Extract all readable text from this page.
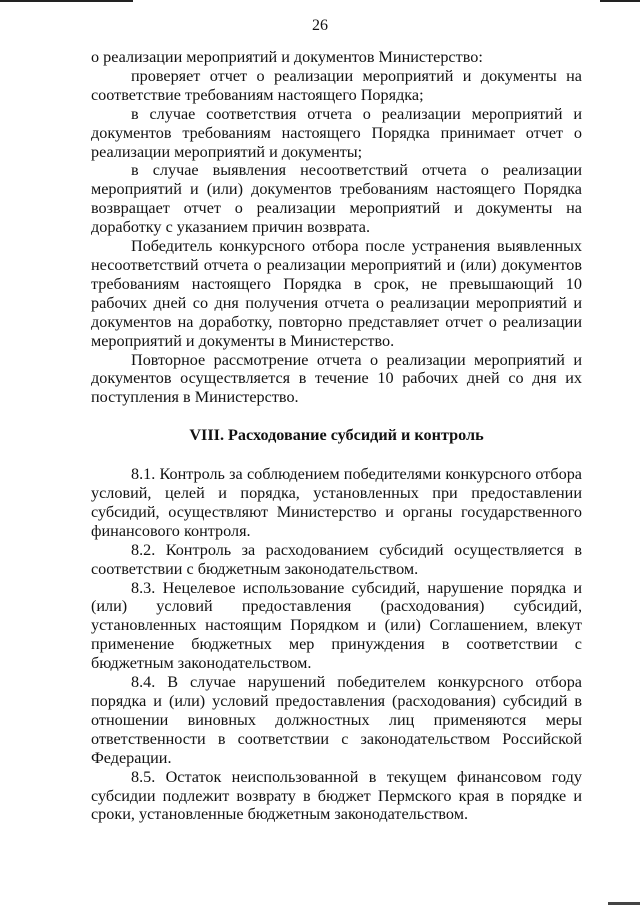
26

о реализации мероприятий и документов Министерство:

проверяет отчет о реализации мероприятий и документы на соответствие требованиям настоящего Порядка;

в случае соответствия отчета о реализации мероприятий и документов требованиям настоящего Порядка принимает отчет о реализации мероприятий и документы;

в случае выявления несоответствий отчета о реализации мероприятий и (или) документов требованиям настоящего Порядка возвращает отчет о реализации мероприятий и документы на доработку с указанием причин возврата.

Победитель конкурсного отбора после устранения выявленных несоответствий отчета о реализации мероприятий и (или) документов требованиям настоящего Порядка в срок, не превышающий 10 рабочих дней со дня получения отчета о реализации мероприятий и документов на доработку, повторно представляет отчет о реализации мероприятий и документы в Министерство.

Повторное рассмотрение отчета о реализации мероприятий и документов осуществляется в течение 10 рабочих дней со дня их поступления в Министерство.

VIII. Расходование субсидий и контроль

8.1. Контроль за соблюдением победителями конкурсного отбора условий, целей и порядка, установленных при предоставлении субсидий, осуществляют Министерство и органы государственного финансового контроля.

8.2. Контроль за расходованием субсидий осуществляется в соответствии с бюджетным законодательством.

8.3. Нецелевое использование субсидий, нарушение порядка и (или) условий предоставления (расходования) субсидий, установленных настоящим Порядком и (или) Соглашением, влекут применение бюджетных мер принуждения в соответствии с бюджетным законодательством.

8.4. В случае нарушений победителем конкурсного отбора порядка и (или) условий предоставления (расходования) субсидий в отношении виновных должностных лиц применяются меры ответственности в соответствии с законодательством Российской Федерации.

8.5. Остаток неиспользованной в текущем финансовом году субсидии подлежит возврату в бюджет Пермского края в порядке и сроки, установленные бюджетным законодательством.
